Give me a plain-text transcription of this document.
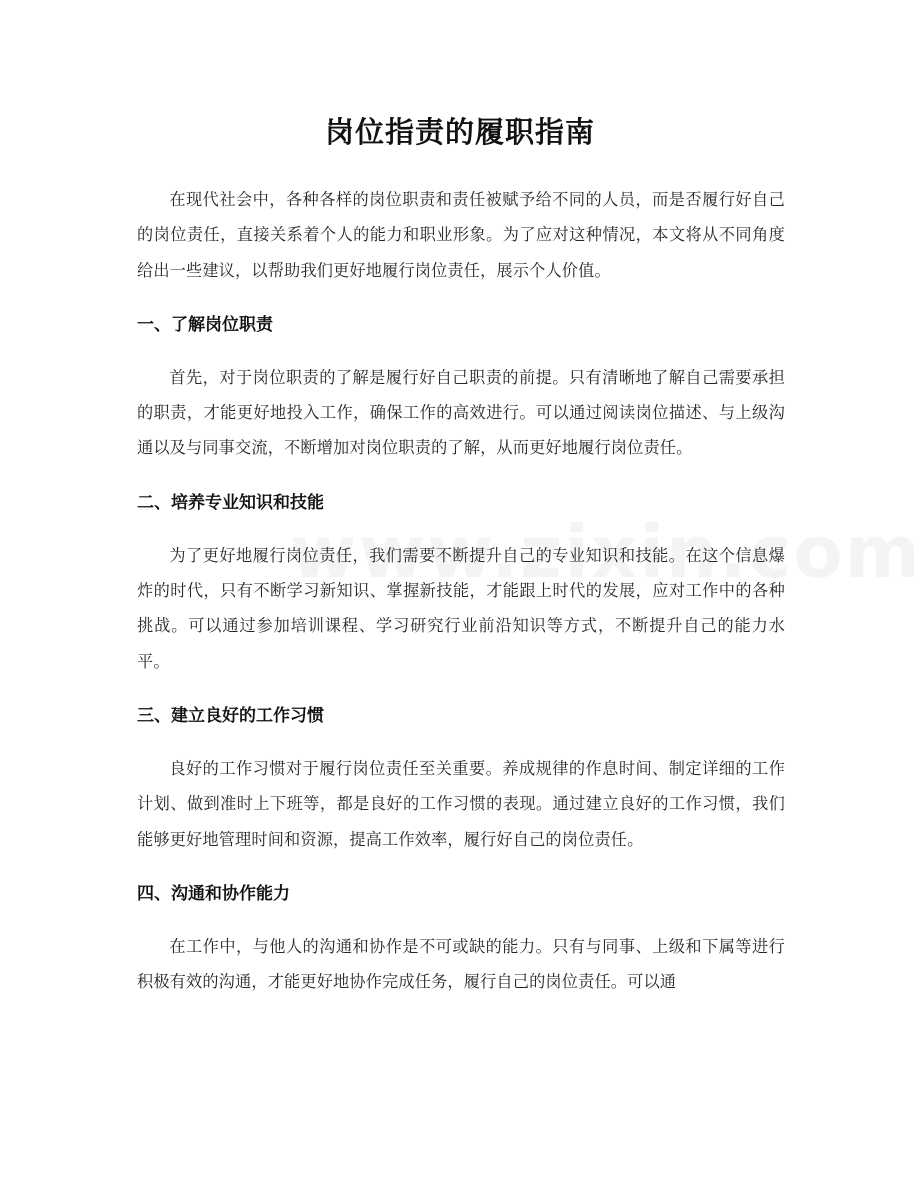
岗位指责的履职指南

在现代社会中，各种各样的岗位职责和责任被赋予给不同的人员，而是否履行好自己的岗位责任，直接关系着个人的能力和职业形象。为了应对这种情况，本文将从不同角度给出一些建议，以帮助我们更好地履行岗位责任，展示个人价值。

一、了解岗位职责

首先，对于岗位职责的了解是履行好自己职责的前提。只有清晰地了解自己需要承担的职责，才能更好地投入工作，确保工作的高效进行。可以通过阅读岗位描述、与上级沟通以及与同事交流，不断增加对岗位职责的了解，从而更好地履行岗位责任。

二、培养专业知识和技能

为了更好地履行岗位责任，我们需要不断提升自己的专业知识和技能。在这个信息爆炸的时代，只有不断学习新知识、掌握新技能，才能跟上时代的发展，应对工作中的各种挑战。可以通过参加培训课程、学习研究行业前沿知识等方式，不断提升自己的能力水平。

三、建立良好的工作习惯

良好的工作习惯对于履行岗位责任至关重要。养成规律的作息时间、制定详细的工作计划、做到准时上下班等，都是良好的工作习惯的表现。通过建立良好的工作习惯，我们能够更好地管理时间和资源，提高工作效率，履行好自己的岗位责任。

四、沟通和协作能力

在工作中，与他人的沟通和协作是不可或缺的能力。只有与同事、上级和下属等进行积极有效的沟通，才能更好地协作完成任务，履行自己的岗位责任。可以通
